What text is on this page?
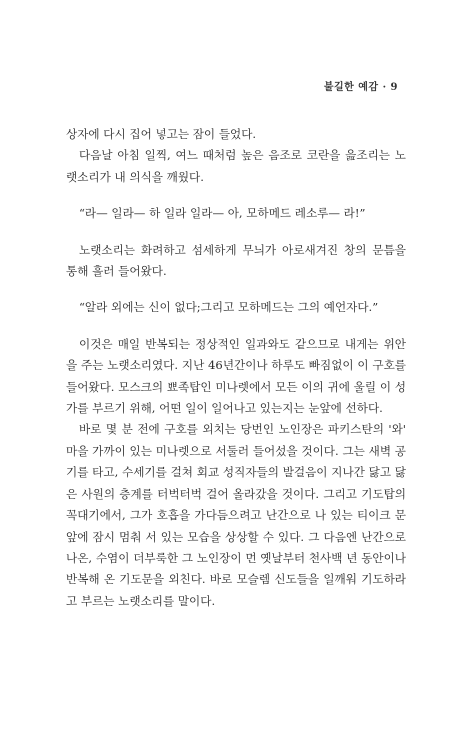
불길한 예감 · 9

상자에 다시 집어 넣고는 잠이 들었다.

다음날 아침 일찍, 여느 때처럼 높은 음조로 코란을 읊조리는 노랫소리가 내 의식을 깨웠다.

“라— 일라— 하 일라 일라— 아, 모하메드 레소루— 라!”

노랫소리는 화려하고 섬세하게 무늬가 아로새겨진 창의 문틈을 통해 흘러 들어왔다.

“알라 외에는 신이 없다;그리고 모하메드는 그의 예언자다.”

이것은 매일 반복되는 정상적인 일과와도 같으므로 내게는 위안을 주는 노랫소리였다. 지난 46년간이나 하루도 빠짐없이 이 구호를 들어왔다. 모스크의 뾰족탑인 미나렛에서 모든 이의 귀에 울릴 이 성가를 부르기 위해, 어떤 일이 일어나고 있는지는 눈앞에 선하다.

바로 몇 분 전에 구호를 외치는 당번인 노인장은 파키스탄의 '와' 마을 가까이 있는 미나렛으로 서둘러 들어섰을 것이다. 그는 새벽 공기를 타고, 수세기를 걸쳐 회교 성직자들의 발걸음이 지나간 닳고 닳은 사원의 층계를 터벅터벅 걸어 올라갔을 것이다. 그리고 기도탑의 꼭대기에서, 그가 호흡을 가다듬으려고 난간으로 나 있는 티이크 문 앞에 잠시 멈춰 서 있는 모습을 상상할 수 있다. 그 다음엔 난간으로 나온, 수염이 더부룩한 그 노인장이 먼 옛날부터 천사백 년 동안이나 반복해 온 기도문을 외친다. 바로 모슬렘 신도들을 일깨워 기도하라고 부르는 노랫소리를 말이다.
